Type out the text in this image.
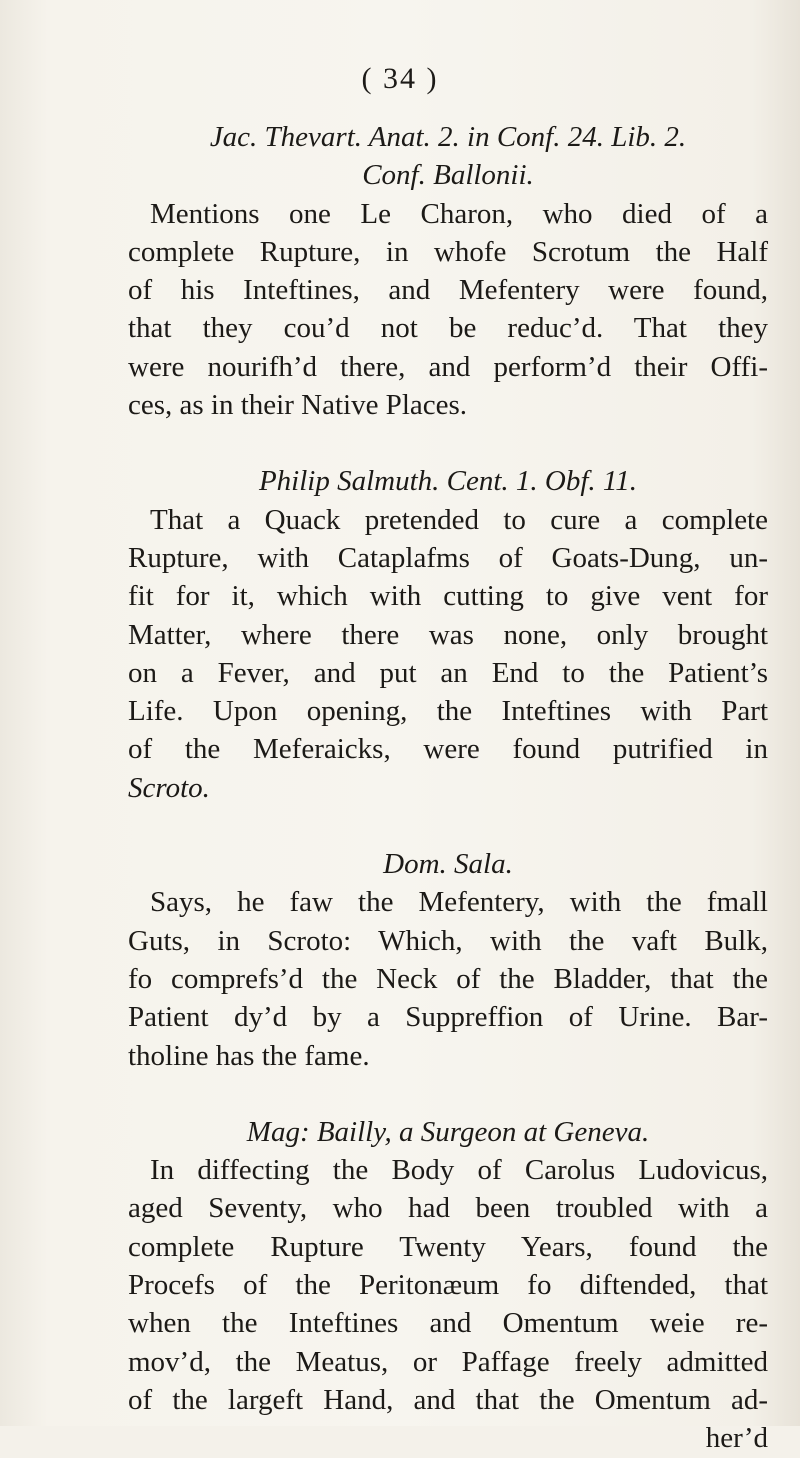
( 34 )
Jac. Thevart. Anat. 2. in Conf. 24. Lib. 2.
Conf. Ballonii.
Mentions one Le Charon, who died of a
complete Rupture, in whofe Scrotum the Half
of his Inteftines, and Mefentery were found,
that they cou’d not be reduc’d. That they
were nourifh’d there, and perform’d their Offi-
ces, as in their Native Places.
Philip Salmuth. Cent. 1. Obf. 11.
That a Quack pretended to cure a complete
Rupture, with Cataplafms of Goats-Dung, un-
fit for it, which with cutting to give vent for
Matter, where there was none, only brought
on a Fever, and put an End to the Patient’s
Life. Upon opening, the Inteftines with Part
of the Meferaicks, were found putrified in
Scroto.
Dom. Sala.
Says, he faw the Mefentery, with the fmall
Guts, in Scroto: Which, with the vaft Bulk,
fo comprefs’d the Neck of the Bladder, that the
Patient dy’d by a Suppreffion of Urine. Bar-
tholine has the fame.
Mag: Bailly, a Surgeon at Geneva.
In diffecting the Body of Carolus Ludovicus,
aged Seventy, who had been troubled with a
complete Rupture Twenty Years, found the
Procefs of the Peritonæum fo diftended, that
when the Inteftines and Omentum weie re-
mov’d, the Meatus, or Paffage freely admitted
of the largeft Hand, and that the Omentum ad-
her’d
